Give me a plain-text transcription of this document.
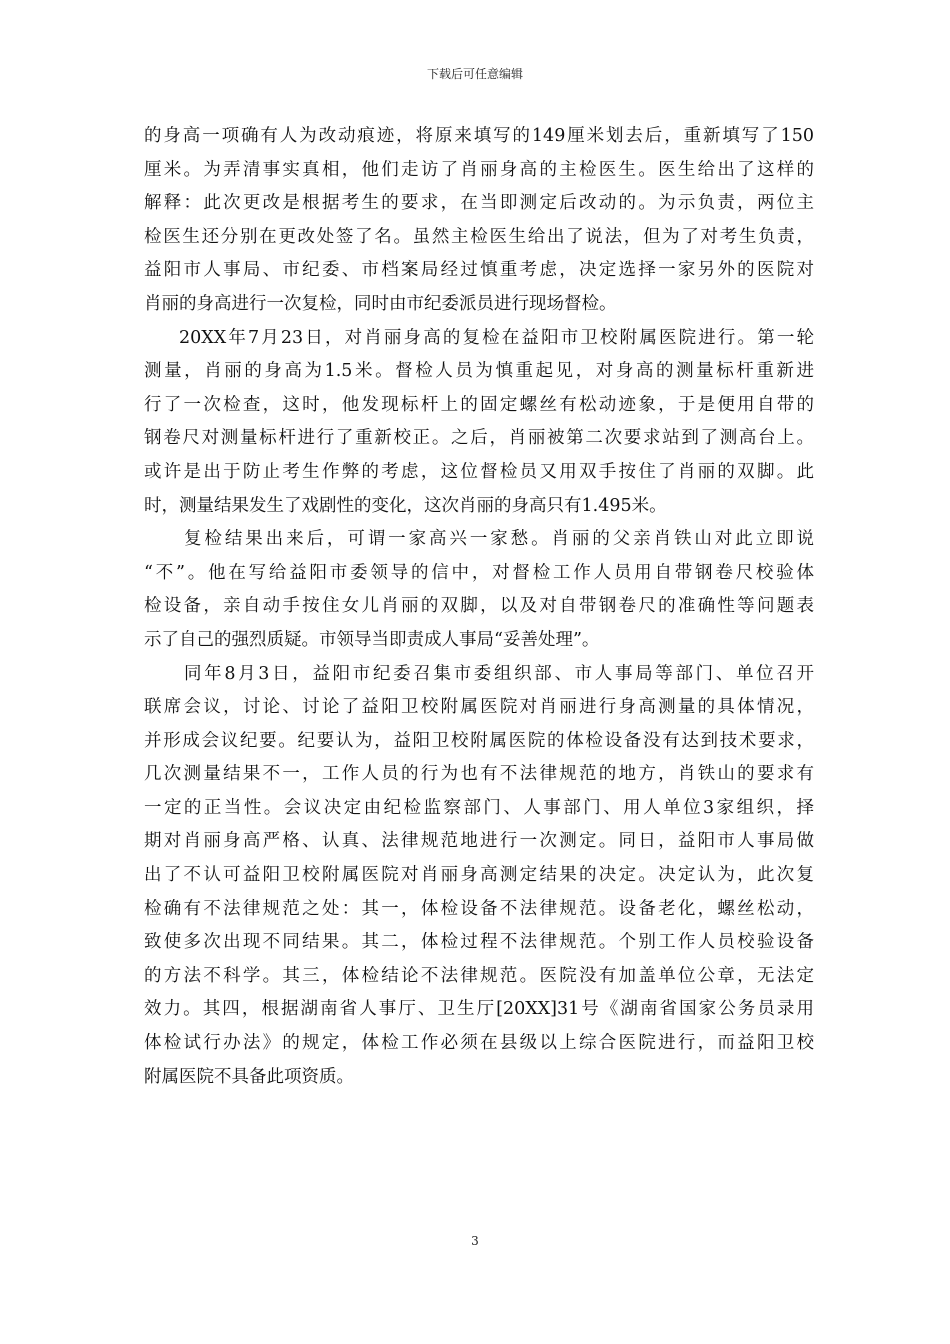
下载后可任意编辑
的身高一项确有人为改动痕迹，将原来填写的149厘米划去后，重新填写了150
厘米。为弄清事实真相，他们走访了肖丽身高的主检医生。医生给出了这样的
解释：此次更改是根据考生的要求，在当即测定后改动的。为示负责，两位主
检医生还分别在更改处签了名。虽然主检医生给出了说法，但为了对考生负责，
益阳市人事局、市纪委、市档案局经过慎重考虑，决定选择一家另外的医院对
肖丽的身高进行一次复检，同时由市纪委派员进行现场督检。
20XX年7月23日，对肖丽身高的复检在益阳市卫校附属医院进行。第一轮
测量，肖丽的身高为1.5米。督检人员为慎重起见，对身高的测量标杆重新进
行了一次检查，这时，他发现标杆上的固定螺丝有松动迹象，于是便用自带的
钢卷尺对测量标杆进行了重新校正。之后，肖丽被第二次要求站到了测高台上。
或许是出于防止考生作弊的考虑，这位督检员又用双手按住了肖丽的双脚。此
时，测量结果发生了戏剧性的变化，这次肖丽的身高只有1.495米。
复检结果出来后，可谓一家高兴一家愁。肖丽的父亲肖铁山对此立即说
“不”。他在写给益阳市委领导的信中，对督检工作人员用自带钢卷尺校验体
检设备，亲自动手按住女儿肖丽的双脚，以及对自带钢卷尺的准确性等问题表
示了自己的强烈质疑。市领导当即责成人事局“妥善处理”。
同年8月3日，益阳市纪委召集市委组织部、市人事局等部门、单位召开
联席会议，讨论、讨论了益阳卫校附属医院对肖丽进行身高测量的具体情况，
并形成会议纪要。纪要认为，益阳卫校附属医院的体检设备没有达到技术要求，
几次测量结果不一，工作人员的行为也有不法律规范的地方，肖铁山的要求有
一定的正当性。会议决定由纪检监察部门、人事部门、用人单位3家组织，择
期对肖丽身高严格、认真、法律规范地进行一次测定。同日，益阳市人事局做
出了不认可益阳卫校附属医院对肖丽身高测定结果的决定。决定认为，此次复
检确有不法律规范之处：其一，体检设备不法律规范。设备老化，螺丝松动，
致使多次出现不同结果。其二，体检过程不法律规范。个别工作人员校验设备
的方法不科学。其三，体检结论不法律规范。医院没有加盖单位公章，无法定
效力。其四，根据湖南省人事厅、卫生厅[20XX]31号《湖南省国家公务员录用
体检试行办法》的规定，体检工作必须在县级以上综合医院进行，而益阳卫校
附属医院不具备此项资质。
3
